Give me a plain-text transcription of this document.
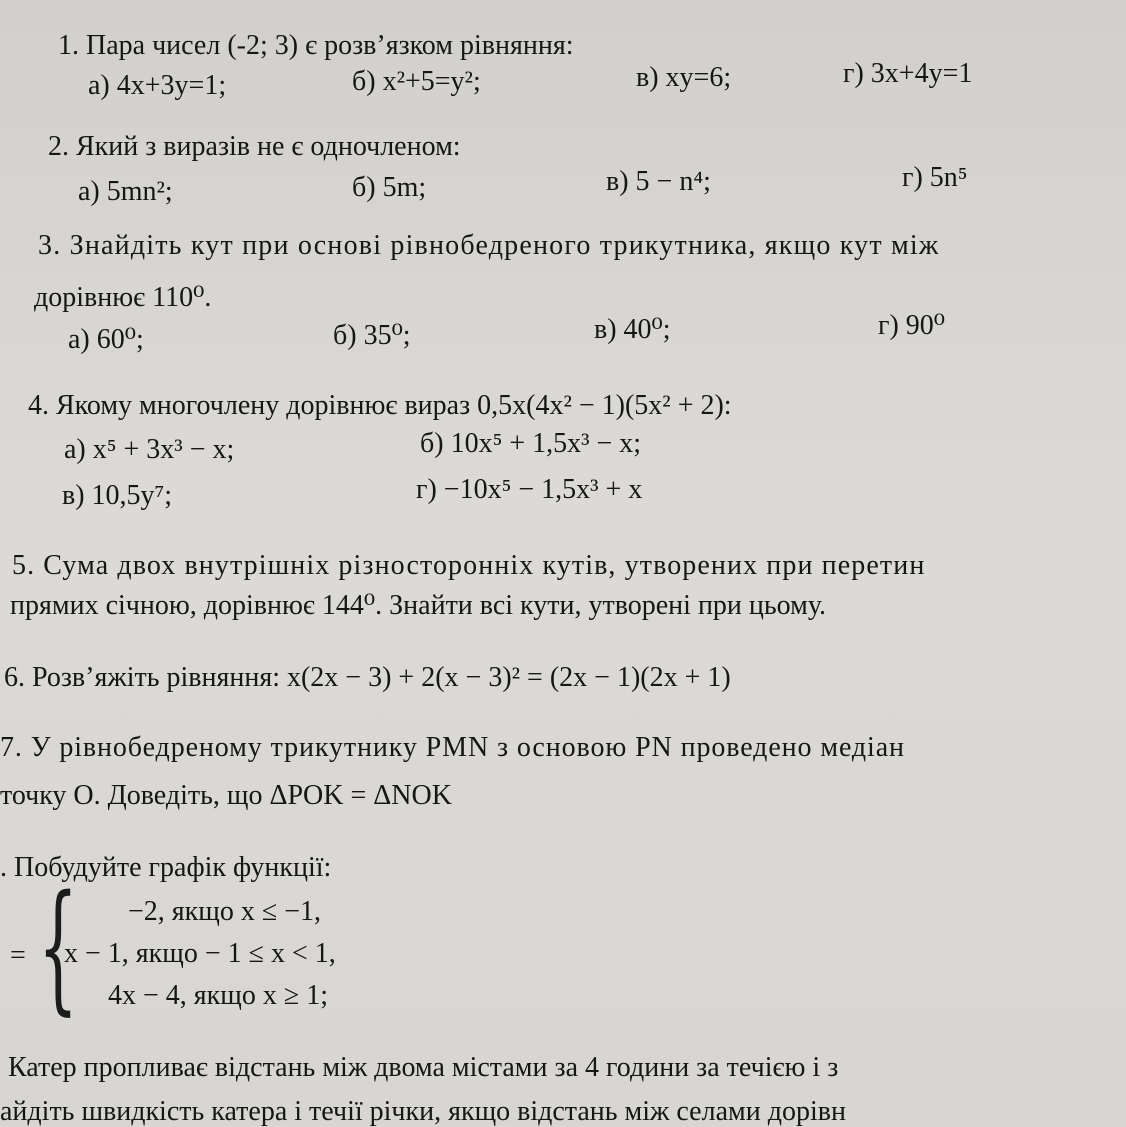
1. Пара чисел (-2; 3) є розв’язком рівняння:
а) 4x+3y=1;	б) x²+5=y²;	в) xy=6;	г) 3x+4y=1
2. Який з виразів не є одночленом:
а) 5mn²;	б) 5m;	в) 5 − n⁴;	г) 5n⁵
3. Знайдіть кут при основі рівнобедреного трикутника, якщо кут між
дорівнює 110⁰.
а) 60⁰;	б) 35⁰;	в) 40⁰;	г) 90⁰
4. Якому многочлену дорівнює вираз 0,5x(4x² − 1)(5x² + 2):
а) x⁵ + 3x³ − x;	б) 10x⁵ + 1,5x³ − x;
в) 10,5y⁷;	г) −10x⁵ − 1,5x³ + x
5. Сума двох внутрішніх різносторонніх кутів, утворених при перетин
прямих січною, дорівнює 144⁰. Знайти всі кути, утворені при цьому.
6. Розв’яжіть рівняння: x(2x − 3) + 2(x − 3)² = (2x − 1)(2x + 1)
7. У рівнобедреному трикутнику PMN з основою PN проведено медіан
точку O. Доведіть, що ΔPOK = ΔNOK
. Побудуйте графік функції:
= { −2, якщо x ≤ −1,
x − 1, якщо − 1 ≤ x < 1,
4x − 4, якщо x ≥ 1;
Катер пропливає відстань між двома містами за 4 години за течією і з
айдіть швидкість катера і течії річки, якщо відстань між селами дорівн
